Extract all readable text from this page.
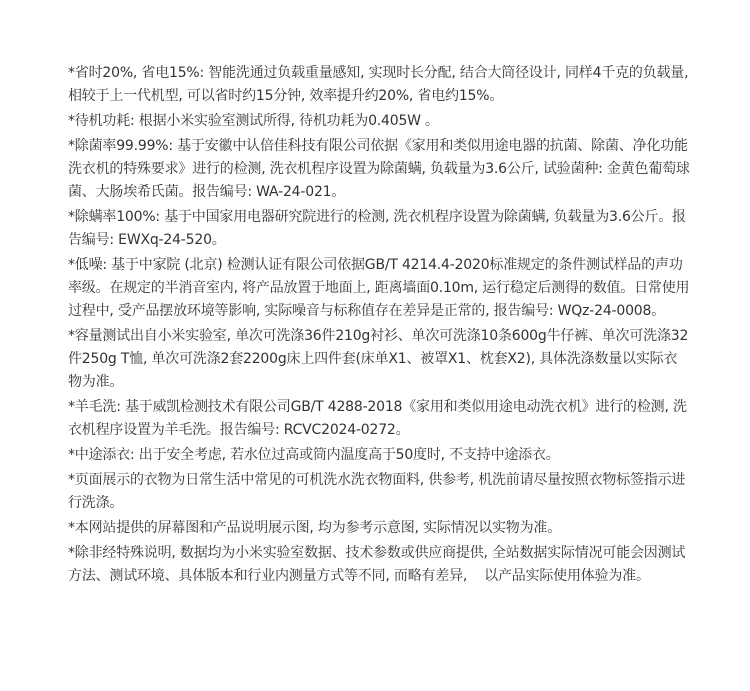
*省时20%, 省电15%: 智能洗通过负载重量感知, 实现时长分配, 结合大筒径设计, 同样4千克的负载量, 相较于上一代机型, 可以省时约15分钟, 效率提升约20%, 省电约15%。
*待机功耗: 根据小米实验室测试所得, 待机功耗为0.405W 。
*除菌率99.99%: 基于安徽中认倍佳科技有限公司依据《家用和类似用途电器的抗菌、除菌、净化功能洗衣机的特殊要求》进行的检测, 洗衣机程序设置为除菌螨, 负载量为3.6公斤, 试验菌种: 金黄色葡萄球菌、大肠埃希氏菌。报告编号: WA-24-021。
*除螨率100%: 基于中国家用电器研究院进行的检测, 洗衣机程序设置为除菌螨, 负载量为3.6公斤。报告编号: EWXq-24-520。
*低噪: 基于中家院 (北京) 检测认证有限公司依据GB/T 4214.4-2020标准规定的条件测试样品的声功率级。在规定的半消音室内, 将产品放置于地面上, 距离墙面0.10m, 运行稳定后测得的数值。日常使用过程中, 受产品摆放环境等影响, 实际噪音与标称值存在差异是正常的, 报告编号: WQz-24-0008。
*容量测试出自小米实验室, 单次可洗涤36件210g衬衫、单次可洗涤10条600g牛仔裤、单次可洗涤32件250g T恤, 单次可洗涤2套2200g床上四件套(床单X1、被罩X1、枕套X2), 具体洗涤数量以实际衣物为准。
*羊毛洗: 基于威凯检测技术有限公司GB/T 4288-2018《家用和类似用途电动洗衣机》进行的检测, 洗衣机程序设置为羊毛洗。报告编号: RCVC2024-0272。
*中途添衣: 出于安全考虑, 若水位过高或筒内温度高于50度时, 不支持中途添衣。
*页面展示的衣物为日常生活中常见的可机洗水洗衣物面料, 供参考, 机洗前请尽量按照衣物标签指示进行洗涤。
*本网站提供的屏幕图和产品说明展示图, 均为参考示意图, 实际情况以实物为准。
*除非经特殊说明, 数据均为小米实验室数据、技术参数或供应商提供, 全站数据实际情况可能会因测试方法、测试环境、具体版本和行业内测量方式等不同, 而略有差异,    以产品实际使用体验为准。
